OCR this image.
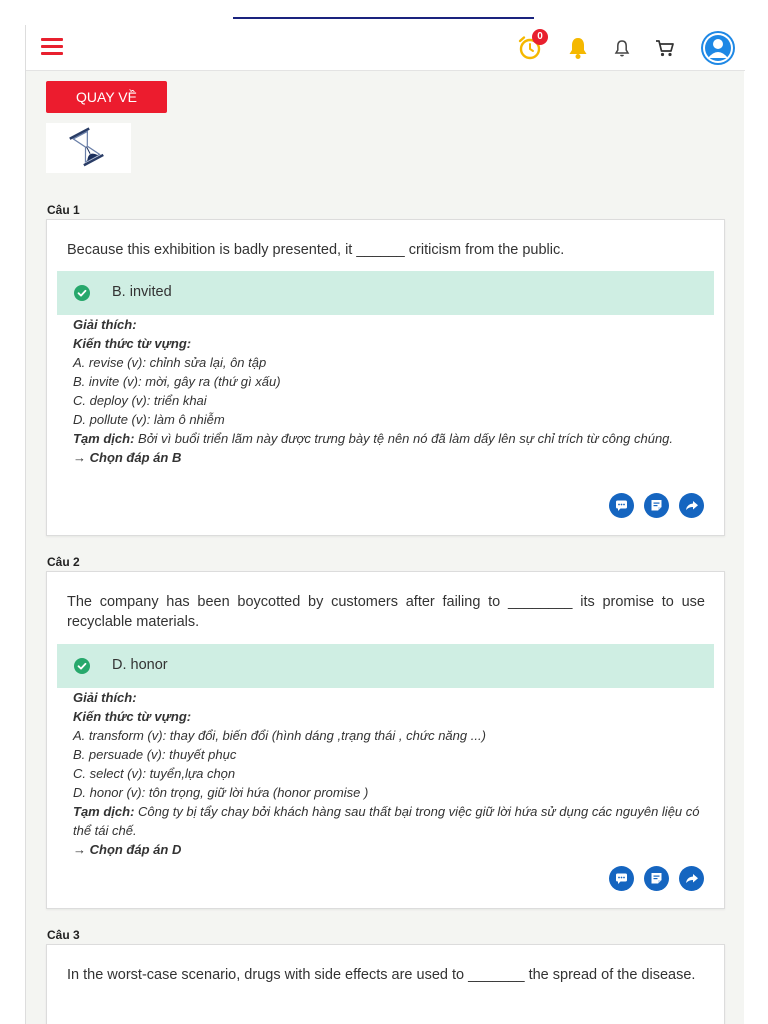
0
QUAY VỀ
Câu 1
Because this exhibition is badly presented, it ______ criticism from the public.
B. invited
Giải thích:
Kiến thức từ vựng:
A. revise (v): chỉnh sửa lại, ôn tập
B. invite (v): mời, gây ra (thứ gì xấu)
C. deploy (v): triển khai
D. pollute (v): làm ô nhiễm
Tạm dịch: Bởi vì buổi triển lãm này được trưng bày tệ nên nó đã làm dấy lên sự chỉ trích từ công chúng.
→ Chọn đáp án B
Câu 2
The company has been boycotted by customers after failing to ________ its promise to use recyclable materials.
D. honor
Giải thích:
Kiến thức từ vựng:
A. transform (v): thay đổi, biến đổi (hình dáng ,trạng thái , chức năng ...)
B. persuade (v): thuyết phục
C. select (v): tuyển,lựa chọn
D. honor (v): tôn trọng, giữ lời hứa (honor promise )
Tạm dịch: Công ty bị tẩy chay bởi khách hàng sau thất bại trong việc giữ lời hứa sử dụng các nguyên liệu có thể tái chế.
→ Chọn đáp án D
Câu 3
In the worst-case scenario, drugs with side effects are used to _______ the spread of the disease.
